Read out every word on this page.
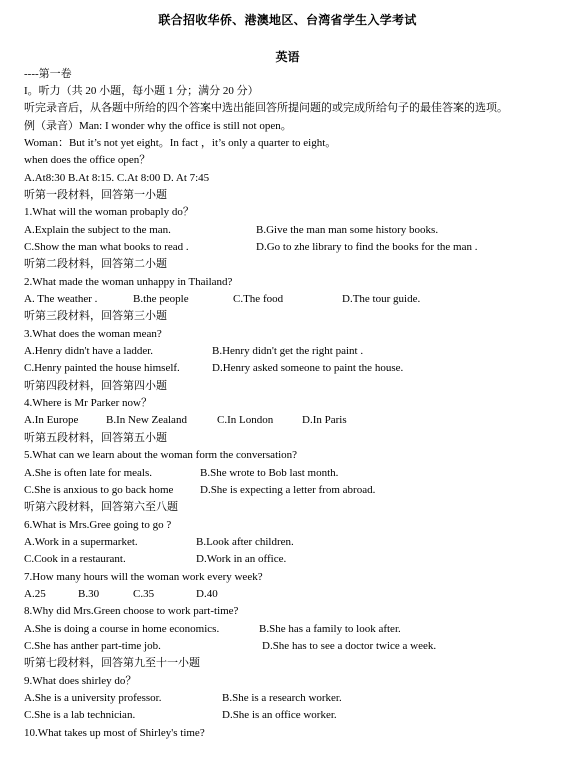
联合招收华侨、港澳地区、台湾省学生入学考试
英语
----第一卷
I。听力（共 20 小题，每小题 1 分；满分 20 分）
听完录音后，从各题中所给的四个答案中选出能回答所提问题的或完成所给句子的最佳答案的选项。
例（录音）Man: I wonder why the office is still not open。
Woman：But it’s not yet eight。In fact ，it’s only a quarter to eight。
when does the office open？
A.At8:30 B.At 8:15. C.At 8:00 D. At 7:45
听第一段材料，回答第一小题
1.What will the woman probaply do？
A.Explain the subject to the man.	B.Give the man man some history books.
C.Show the man what books to read .	D.Go to zhe library to find the books for the man .
听第二段材料，回答第二小题
2.What made the woman unhappy in Thailand?
A. The weather .	B.the people	C.The food	D.The tour guide.
听第三段材料，回答第三小题
3.What does the woman mean?
A.Henry didn't have a ladder.	B.Henry didn't get the right paint .
C.Henry painted the house himself.	D.Henry asked someone to paint the house.
听第四段材料，回答第四小题
4.Where is Mr Parker now？
A.In Europe	B.In New Zealand	C.In London	D.In Paris
听第五段材料，回答第五小题
5.What can we learn about the woman form the conversation?
A.She is often late for meals.	B.She wrote to Bob last month.
C.She is anxious to go back home D.She is expecting a letter from abroad.
听第六段材料，回答第六至八题
6.What is Mrs.Gree going to go ?
A.Work in a supermarket.	B.Look after children.
C.Cook in a restaurant.	D.Work in an office.
7.How many hours will the woman work every week?
A.25	B.30	C.35	D.40
8.Why did Mrs.Green choose to work part-time?
A.She is doing a course in home economics.	B.She has a family to look after.
C.She has anther part-time job.	D.She has to see a doctor twice a week.
听第七段材料，回答第九至十一小题
9.What does shirley do？
A.She is a university professor.	B.She is a research worker.
C.She is a lab technician.	D.She is an office worker.
10.What takes up most of Shirley's time?
